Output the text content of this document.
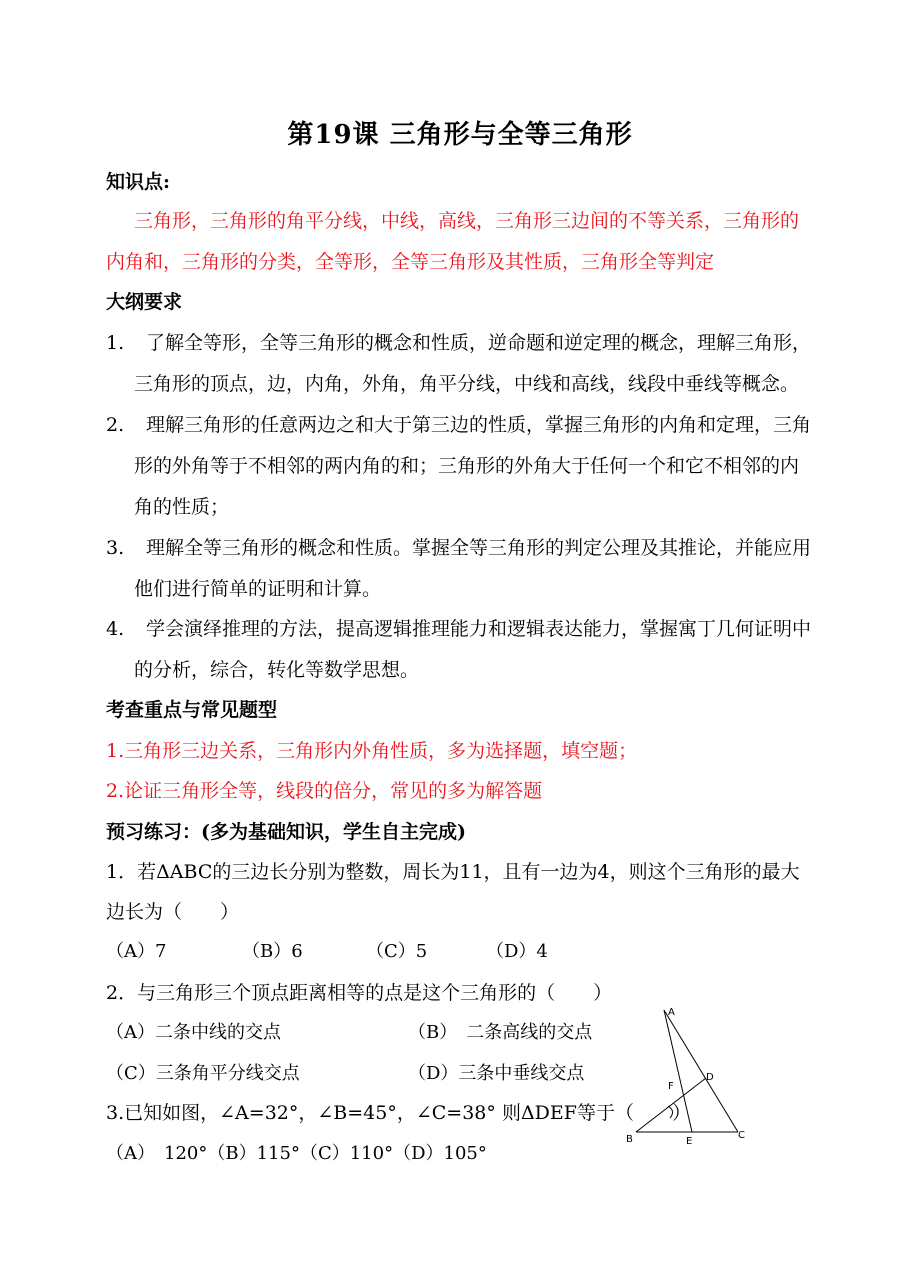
第19课 三角形与全等三角形
知识点:
三角形，三角形的角平分线，中线，高线，三角形三边间的不等关系，三角形的
内角和，三角形的分类，全等形，全等三角形及其性质，三角形全等判定
大纲要求
1. 了解全等形，全等三角形的概念和性质，逆命题和逆定理的概念，理解三角形，
三角形的顶点，边，内角，外角，角平分线，中线和高线，线段中垂线等概念。
2. 理解三角形的任意两边之和大于第三边的性质，掌握三角形的内角和定理，三角
形的外角等于不相邻的两内角的和；三角形的外角大于任何一个和它不相邻的内
角的性质；
3. 理解全等三角形的概念和性质。掌握全等三角形的判定公理及其推论，并能应用
他们进行简单的证明和计算。
4. 学会演绎推理的方法，提高逻辑推理能力和逻辑表达能力，掌握寓丁几何证明中
的分析，综合，转化等数学思想。
考查重点与常见题型
1.三角形三边关系，三角形内外角性质，多为选择题，填空题；
2.论证三角形全等，线段的倍分，常见的多为解答题
预习练习：(多为基础知识，学生自主完成)
1．若ΔABC的三边长分别为整数，周长为11，且有一边为4，则这个三角形的最大
边长为（　　）
（A）7	（B）6	（C）5	（D）4
2．与三角形三个顶点距离相等的点是这个三角形的（　　）
（A）二条中线的交点	（B）　二条高线的交点
（C）三条角平分线交点	（D）三条中垂线交点
3.已知如图，∠A=32°，∠B=45°，∠C=38° 则ΔDEF等于（　　）
（A）　120°（B）115°（C）110°（D）105°
A
B	C
D
E
F
